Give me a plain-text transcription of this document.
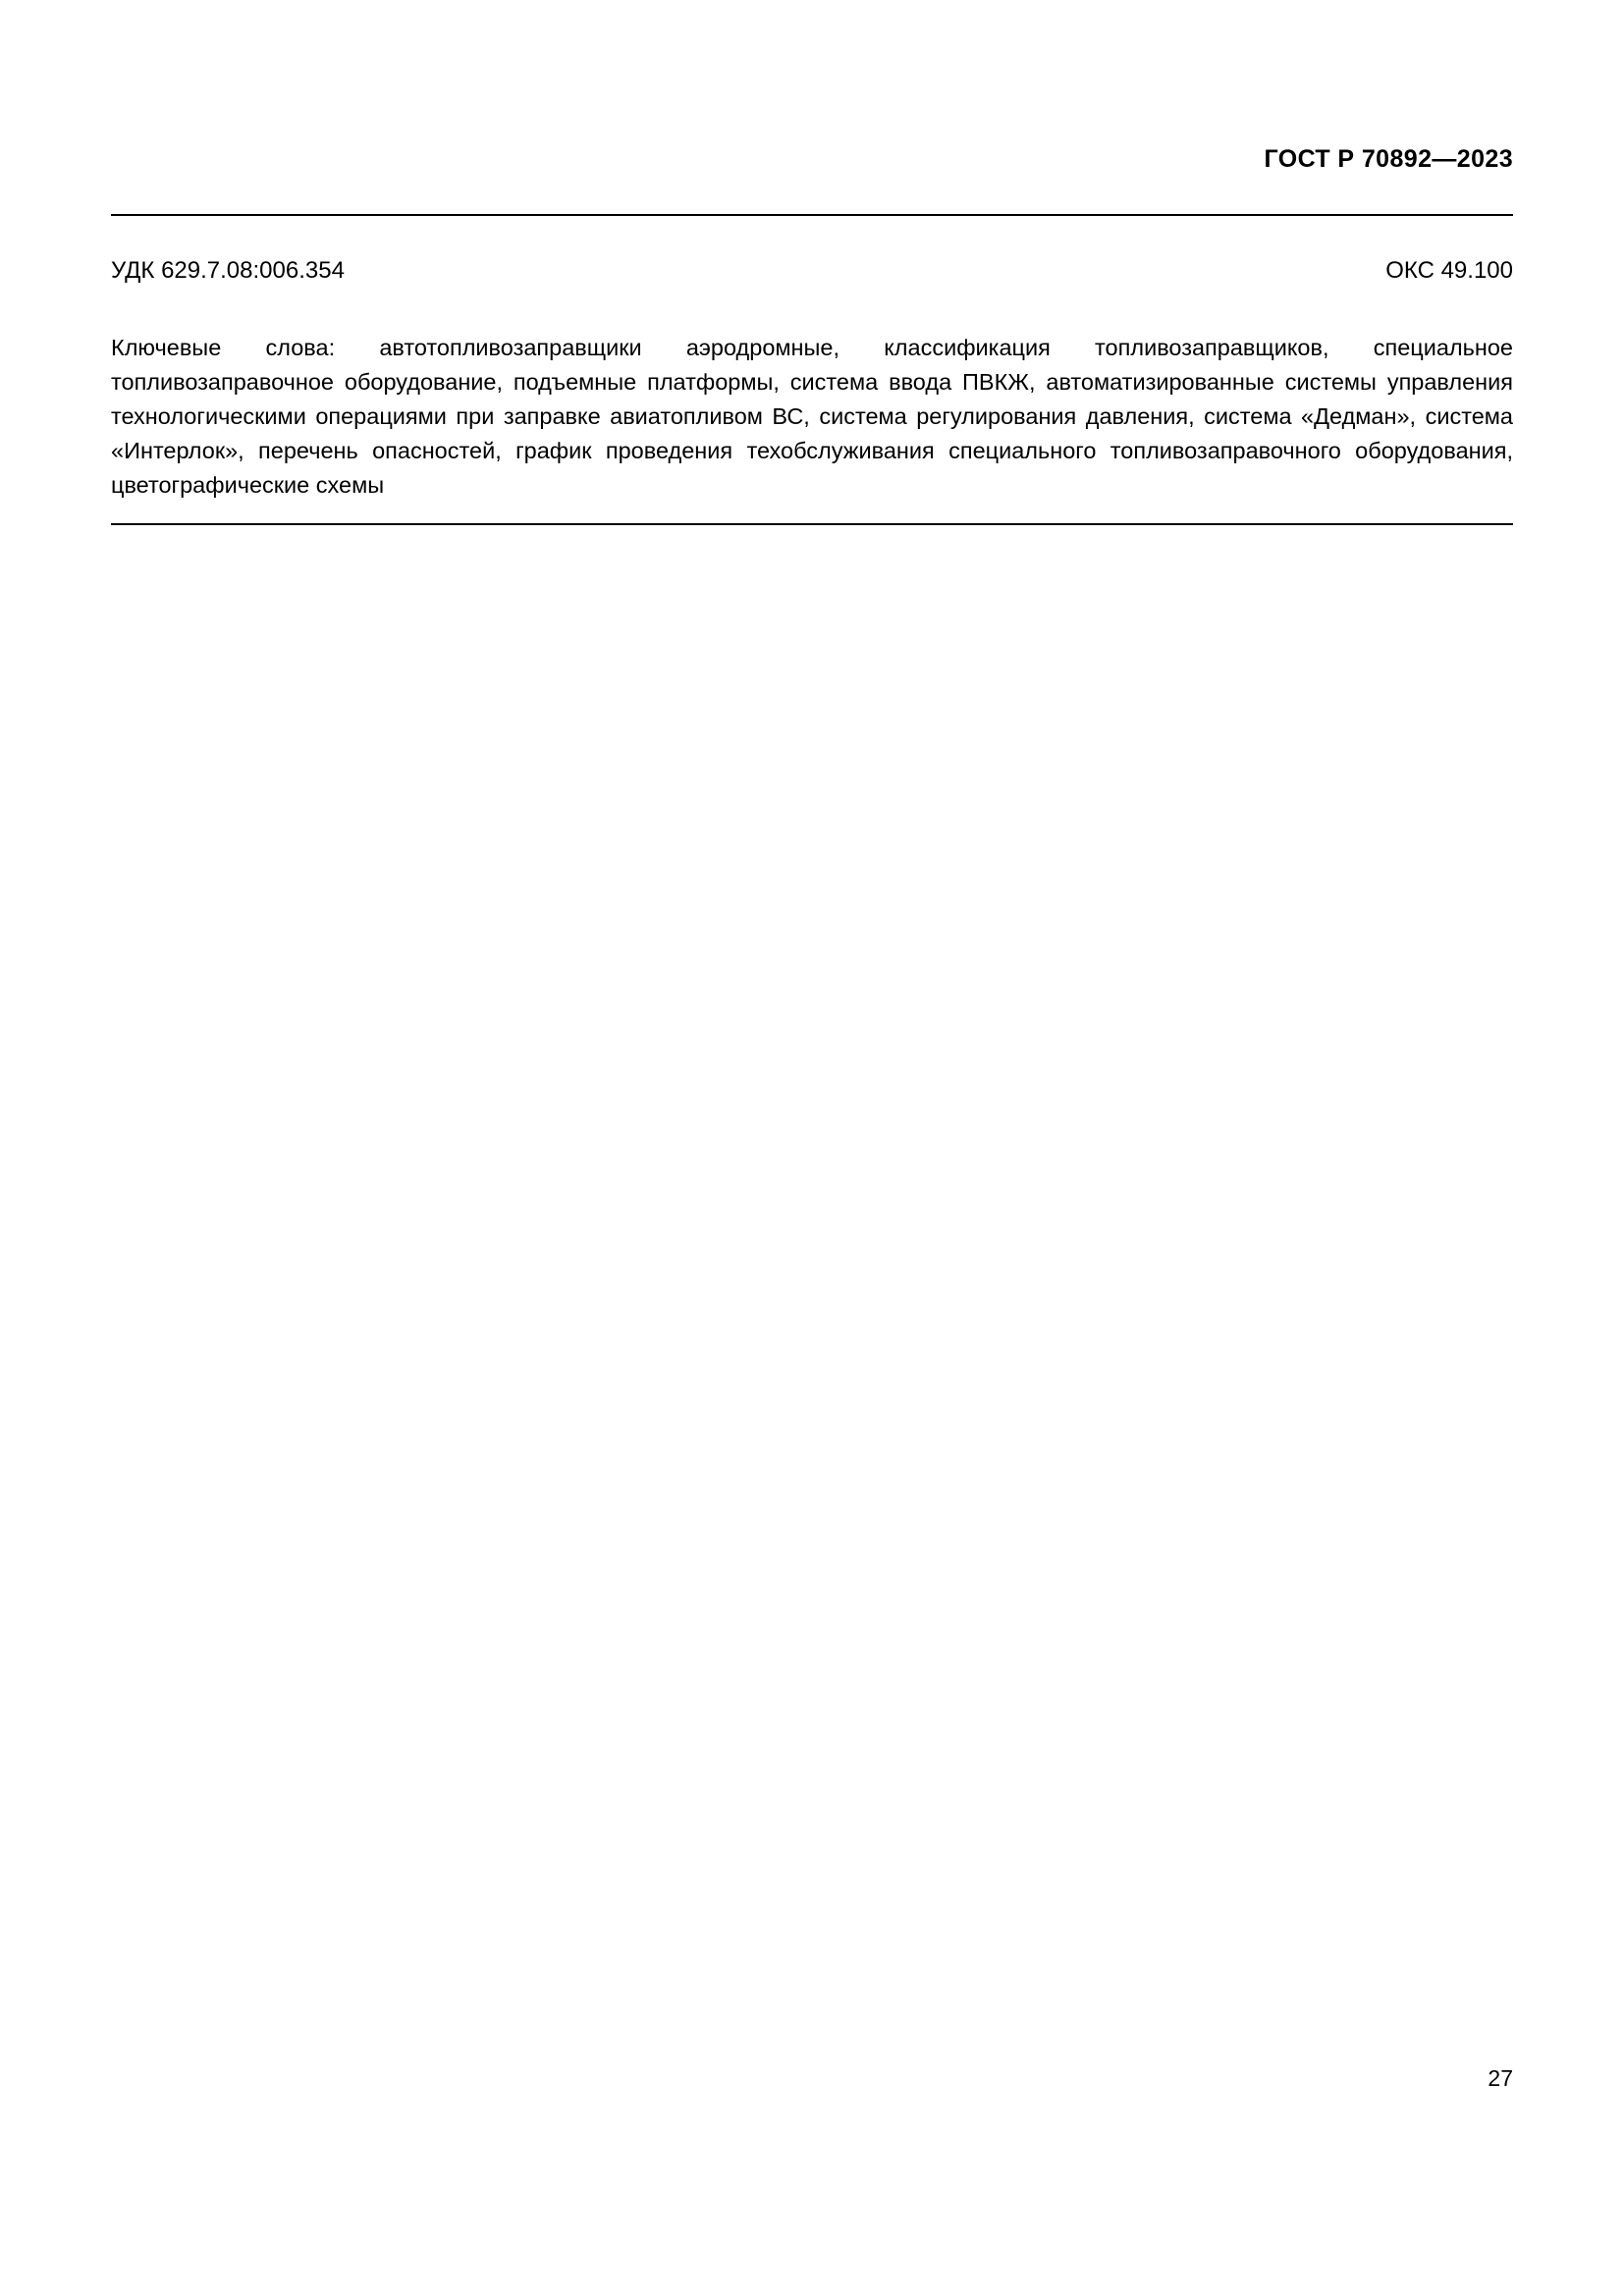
ГОСТ Р 70892—2023
УДК 629.7.08:006.354	ОКС 49.100
Ключевые слова: автотопливозаправщики аэродромные, классификация топливозаправщиков, специальное топливозаправочное оборудование, подъемные платформы, система ввода ПВКЖ, автоматизированные системы управления технологическими операциями при заправке авиатопливом ВС, система регулирования давления, система «Дедман», система «Интерлок», перечень опасностей, график проведения техобслуживания специального топливозаправочного оборудования, цветографические схемы
27
